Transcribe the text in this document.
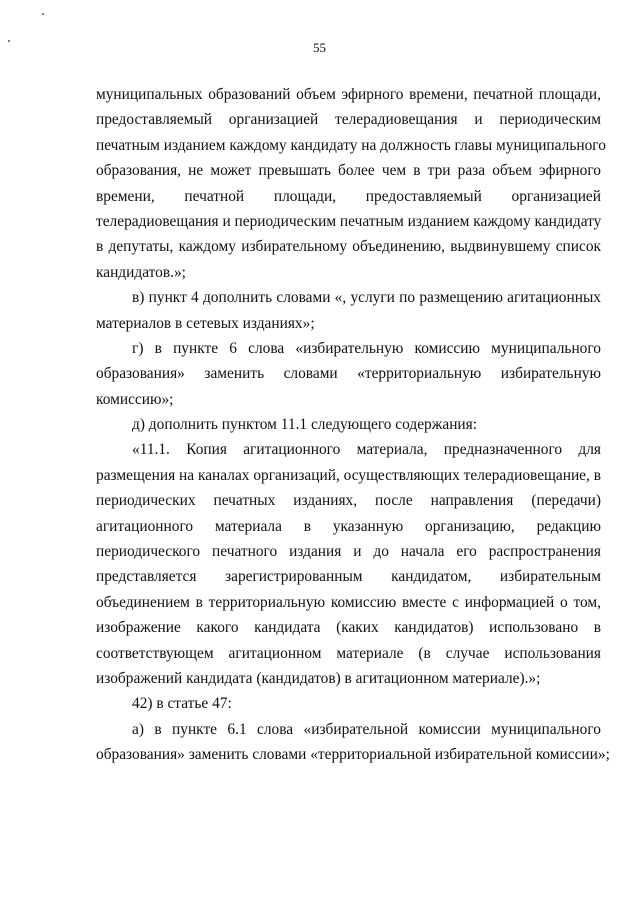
55
муниципальных образований объем эфирного времени, печатной площади,
предоставляемый организацией телерадиовещания и периодическим
печатным изданием каждому кандидату на должность главы муниципального
образования, не может превышать более чем в три раза объем эфирного
времени, печатной площади, предоставляемый организацией
телерадиовещания и периодическим печатным изданием каждому кандидату
в депутаты, каждому избирательному объединению, выдвинувшему список
кандидатов.»;
в) пункт 4 дополнить словами «, услуги по размещению агитационных
материалов в сетевых изданиях»;
г) в пункте 6 слова «избирательную комиссию муниципального
образования» заменить словами «территориальную избирательную
комиссию»;
д) дополнить пунктом 11.1 следующего содержания:
«11.1. Копия агитационного материала, предназначенного для
размещения на каналах организаций, осуществляющих телерадиовещание, в
периодических печатных изданиях, после направления (передачи)
агитационного материала в указанную организацию, редакцию
периодического печатного издания и до начала его распространения
представляется зарегистрированным кандидатом, избирательным
объединением в территориальную комиссию вместе с информацией о том,
изображение какого кандидата (каких кандидатов) использовано в
соответствующем агитационном материале (в случае использования
изображений кандидата (кандидатов) в агитационном материале).»;
42) в статье 47:
а) в пункте 6.1 слова «избирательной комиссии муниципального
образования» заменить словами «территориальной избирательной комиссии»;
